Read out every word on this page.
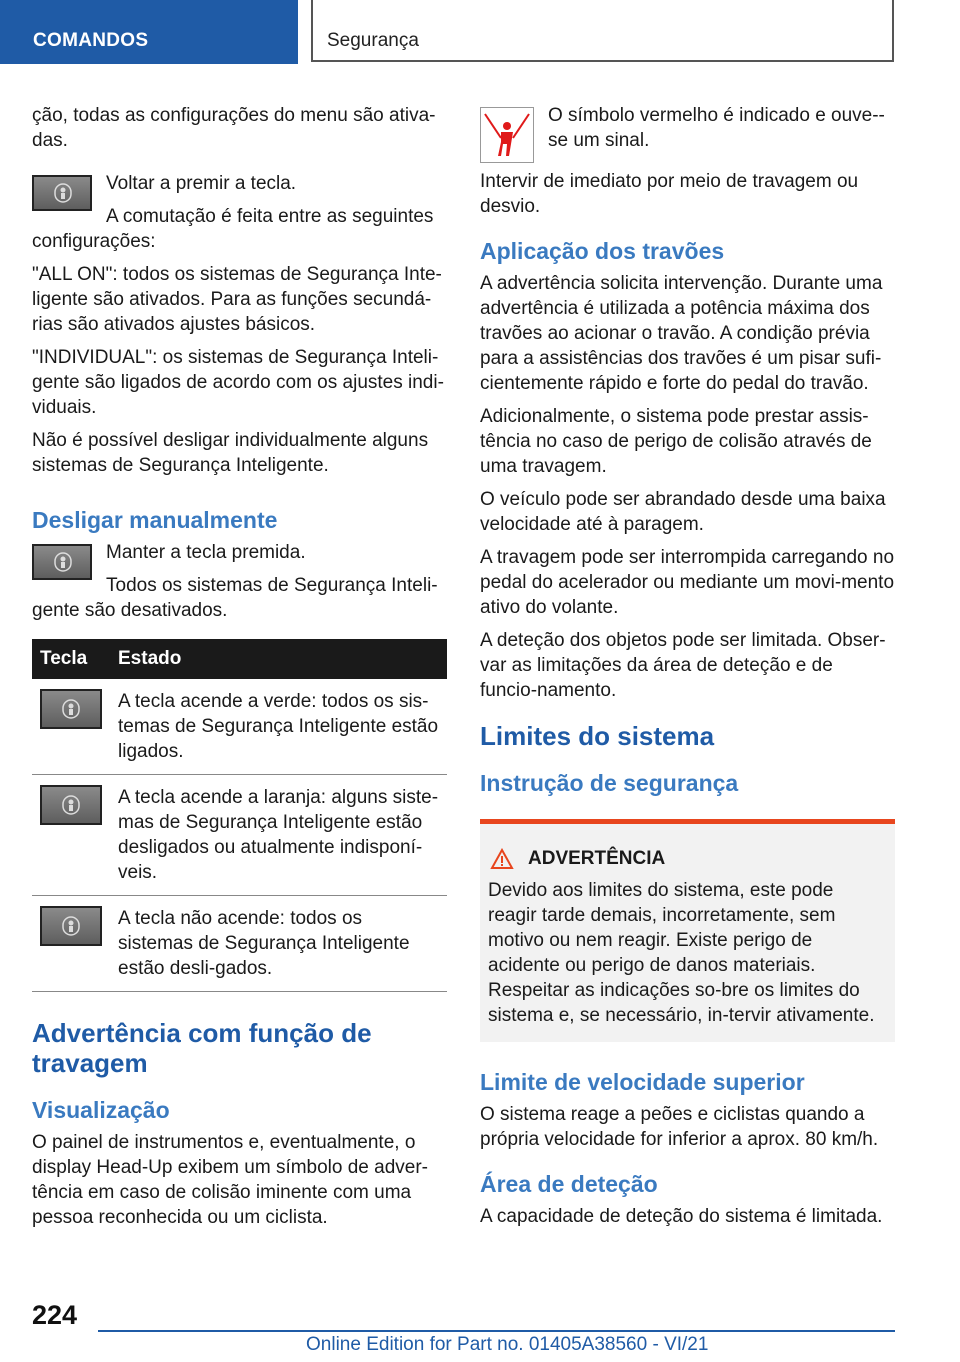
COMANDOS	Segurança

ção, todas as configurações do menu são ativa-das.

Voltar a premir a tecla.

A comutação é feita entre as seguintes configurações:

"ALL ON": todos os sistemas de Segurança Inte-ligente são ativados. Para as funções secundá-rias são ativados ajustes básicos.

"INDIVIDUAL": os sistemas de Segurança Inteli-gente são ligados de acordo com os ajustes indi-viduais.

Não é possível desligar individualmente alguns sistemas de Segurança Inteligente.

Desligar manualmente

Manter a tecla premida.

Todos os sistemas de Segurança Inteli-gente são desativados.

Tecla	Estado

	A tecla acende a verde: todos os sis-temas de Segurança Inteligente estão ligados.

	A tecla acende a laranja: alguns siste-mas de Segurança Inteligente estão desligados ou atualmente indisponí-veis.

	A tecla não acende: todos os sistemas de Segurança Inteligente estão desli-gados.
Advertência com função de travagem
Visualização

O painel de instrumentos e, eventualmente, o display Head-Up exibem um símbolo de adver-tência em caso de colisão iminente com uma pessoa reconhecida ou um ciclista.

O símbolo vermelho é indicado e ouve--se um sinal.

Intervir de imediato por meio de travagem ou desvio.

Aplicação dos travões

A advertência solicita intervenção. Durante uma advertência é utilizada a potência máxima dos travões ao acionar o travão. A condição prévia para a assistências dos travões é um pisar sufi-cientemente rápido e forte do pedal do travão.

Adicionalmente, o sistema pode prestar assis-tência no caso de perigo de colisão através de uma travagem.

O veículo pode ser abrandado desde uma baixa velocidade até à paragem.

A travagem pode ser interrompida carregando no pedal do acelerador ou mediante um movi-mento ativo do volante.

A deteção dos objetos pode ser limitada. Obser-var as limitações da área de deteção e de funcio-namento.

Limites do sistema
Instrução de segurança
ADVERTÊNCIA

Devido aos limites do sistema, este pode reagir tarde demais, incorretamente, sem motivo ou nem reagir. Existe perigo de acidente ou perigo de danos materiais. Respeitar as indicações so-bre os limites do sistema e, se necessário, in-tervir ativamente.

Limite de velocidade superior

O sistema reage a peões e ciclistas quando a própria velocidade for inferior a aprox. 80 km/h.

Área de deteção

A capacidade de deteção do sistema é limitada.

224
Online Edition for Part no. 01405A38560 - VI/21
